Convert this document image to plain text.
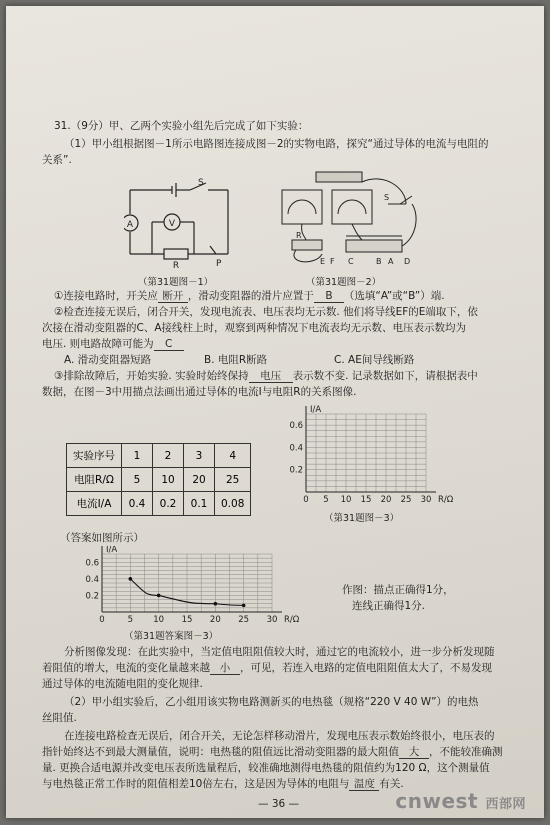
31.（9分）甲、乙两个实验小组先后完成了如下实验：
（1）甲小组根据图－1所示电路图连接成图－2的实物电路，探究“通过导体的电流与电阻的
关系”.
A	V
S
R	P
（第31题图－1）
S
R
E F C	B A D
（第31题图－2）
①连接电路时，开关应 断开 ，滑动变阻器的滑片应置于 B （选填“A”或“B”）端.
②检查连接无误后，闭合开关，发现电流表、电压表均无示数. 他们将导线EF的E端取下，依
次接在滑动变阻器的C、A接线柱上时，观察到两种情况下电流表均无示数、电压表示数均为
电压. 则电路故障可能为 C
A. 滑动变阻器短路	B. 电阻R断路	C. AE间导线断路
③排除故障后，开始实验. 实验时始终保持 电压 表示数不变. 记录数据如下，请根据表中
数据，在图－3中用描点法画出通过导体的电流I与电阻R的关系图像.
实验序号	1	2	3	4
电阻R/Ω	5	10	20	25
电流I/A	0.4	0.2	0.1	0.08	0 5 10 15 20 25 30
0.2
0.4
0.6
R/Ω
I/A
（第31题图－3）
（答案如图所示）
0	5 10 15 20 25 30
0.2
0.4
0.6
R/Ω
I/A
（第31题答案图－3）
作图：描点正确得1分，
连线正确得1分.
分析图像发现：在此实验中，当定值电阻阻值较大时，通过它的电流较小，进一步分析发现随
着阻值的增大，电流的变化量越来越 小 ，可见，若连入电路的定值电阻阻值太大了，不易发现
通过导体的电流随电阻的变化规律.
（2）甲小组实验后，乙小组用该实物电路测新买的电热毯（规格“220 V 40 W”）的电热
丝阻值.
在连接电路检查无误后，闭合开关，无论怎样移动滑片，发现电压表示数始终很小，电压表的
指针始终达不到最大测量值，说明：电热毯的阻值远比滑动变阻器的最大阻值 大 ，不能较准确测
量. 更换合适电源并改变电压表所选量程后，较准确地测得电热毯的阻值约为120 Ω，这个测量值
与电热毯正常工作时的阻值相差10倍左右，这是因为导体的电阻与 温度 有关.
— 36 —	cnwest 西部网
